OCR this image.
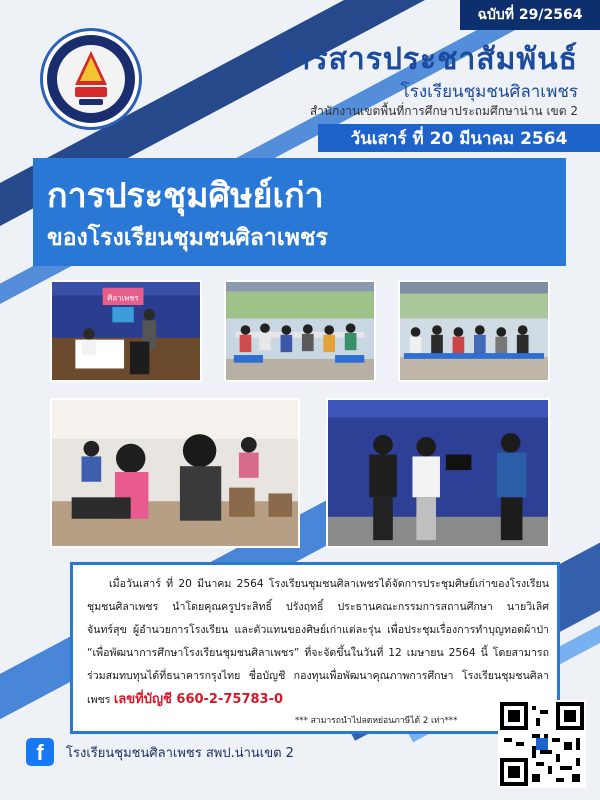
ฉบับที่ 29/2564
วารสารประชาสัมพันธ์
โรงเรียนชุมชนศิลาเพชร
สำนักงานเขตพื้นที่การศึกษาประถมศึกษาน่าน เขต 2
วันเสาร์ ที่ 20 มีนาคม 2564
การประชุมศิษย์เก่า
ของโรงเรียนชุมชนศิลาเพชร
ศิลาเพชร
เมื่อวันเสาร์ ที่ 20 มีนาคม 2564 โรงเรียนชุมชนศิลาเพชรได้จัดการประชุมศิษย์เก่าของโรงเรียนชุมชนศิลาเพชร นำโดยคุณครูประสิทธิ์ ปรังฤทธิ์ ประธานคณะกรรมการสถานศึกษา นายวิเลิศ จันทร์สุข ผู้อำนวยการโรงเรียน และตัวแทนของศิษย์เก่าแต่ละรุ่น เพื่อประชุมเรื่องการทำบุญทอดผ้าป่า “เพื่อพัฒนาการศึกษาโรงเรียนชุมชนศิลาเพชร” ที่จะจัดขึ้นในวันที่ 12 เมษายน 2564 นี้ โดยสามารถร่วมสมทบทุนได้ที่ธนาคารกรุงไทย ชื่อบัญชี กองทุนเพื่อพัฒนาคุณภาพการศึกษา โรงเรียนชุมชนศิลาเพชร เลขที่บัญชี 660-2-75783-0
*** สามารถนำไปลดหย่อนภาษีได้ 2 เท่า***
f	โรงเรียนชุมชนศิลาเพชร สพป.น่านเขต 2
